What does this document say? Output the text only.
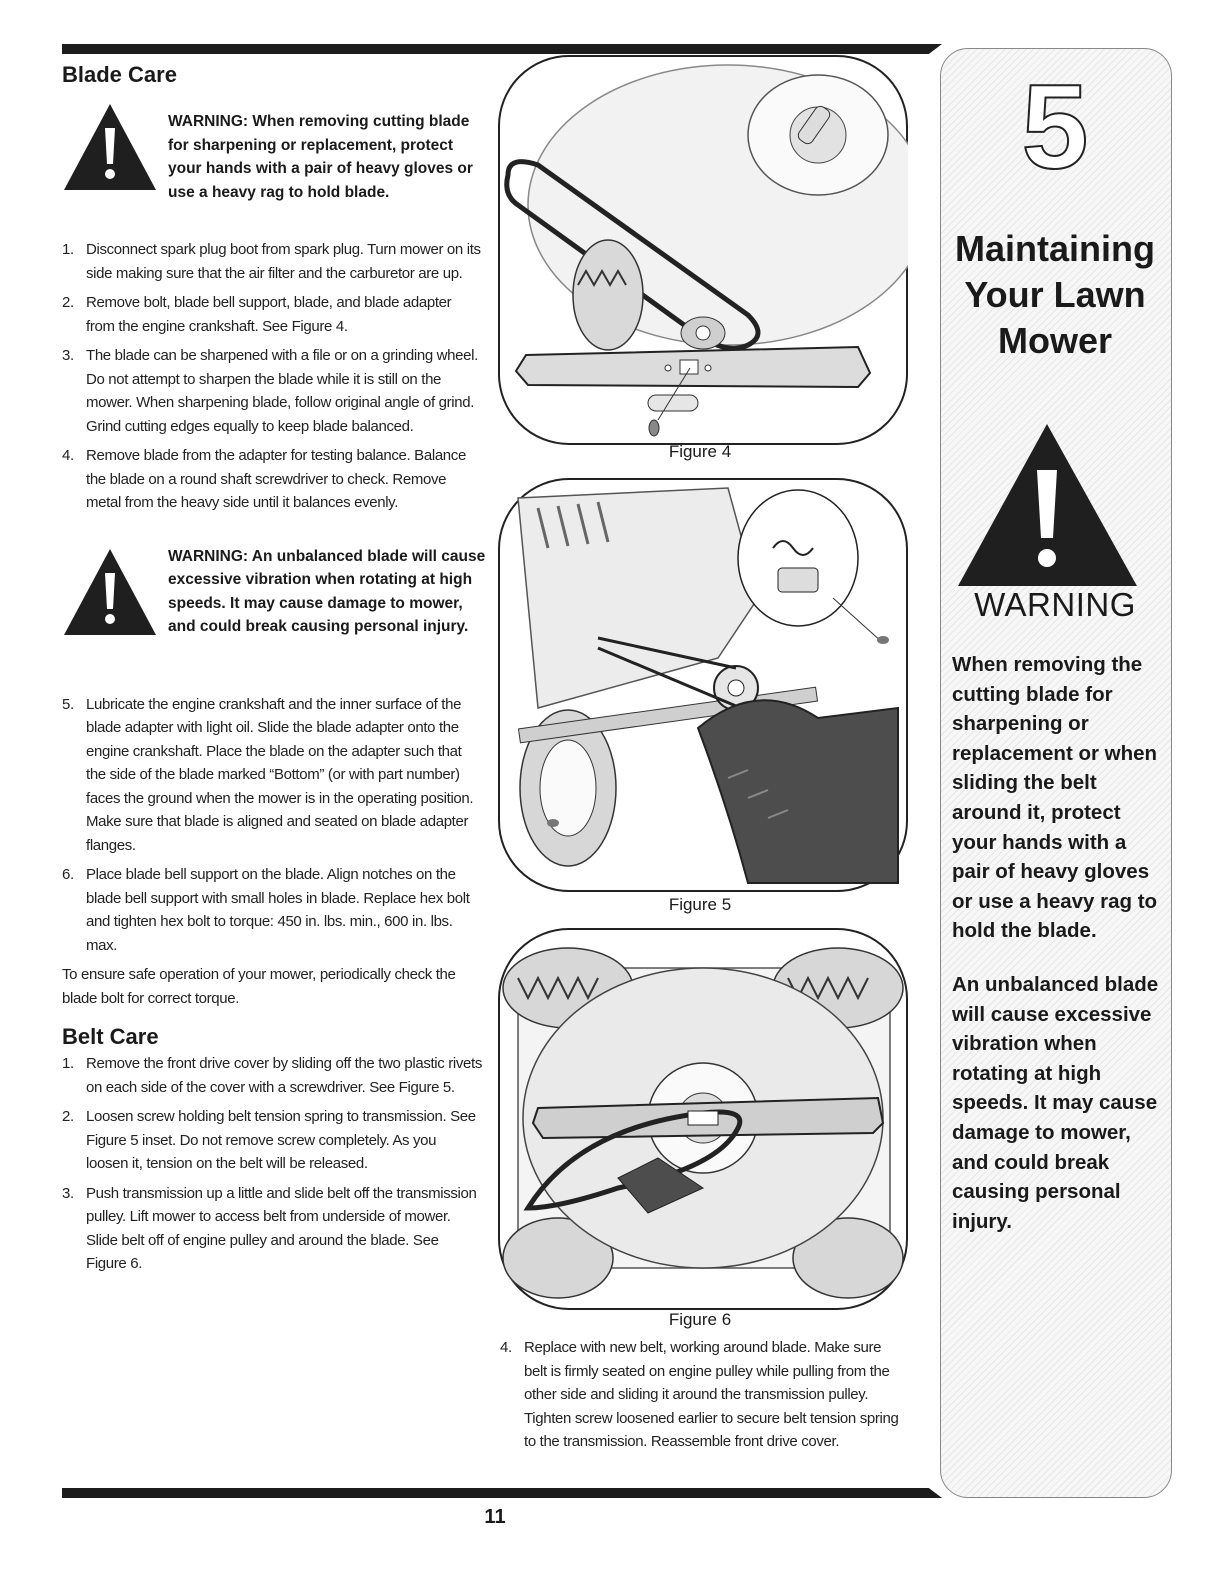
Blade Care
WARNING: When removing cutting blade for sharpening or replacement, protect your hands with a pair of heavy gloves or use a heavy rag to hold blade.
1. Disconnect spark plug boot from spark plug. Turn mower on its side making sure that the air filter and the carburetor are up.
2. Remove bolt, blade bell support, blade, and blade adapter from the engine crankshaft. See Figure 4.
3. The blade can be sharpened with a file or on a grinding wheel. Do not attempt to sharpen the blade while it is still on the mower. When sharpening blade, follow original angle of grind. Grind cutting edges equally to keep blade balanced.
4. Remove blade from the adapter for testing balance. Balance the blade on a round shaft screwdriver to check. Remove metal from the heavy side until it balances evenly.
WARNING: An unbalanced blade will cause excessive vibration when rotating at high speeds. It may cause damage to mower, and could break causing personal injury.
5. Lubricate the engine crankshaft and the inner surface of the blade adapter with light oil. Slide the blade adapter onto the engine crankshaft. Place the blade on the adapter such that the side of the blade marked “Bottom” (or with part number) faces the ground when the mower is in the operating position. Make sure that blade is aligned and seated on blade adapter flanges.
6. Place blade bell support on the blade. Align notches on the blade bell support with small holes in blade. Replace hex bolt and tighten hex bolt to torque: 450 in. lbs. min., 600 in. lbs. max.

To ensure safe operation of your mower, periodically check the blade bolt for correct torque.

Belt Care
1. Remove the front drive cover by sliding off the two plastic rivets on each side of the cover with a screwdriver. See Figure 5.
2. Loosen screw holding belt tension spring to transmission. See Figure 5 inset. Do not remove screw completely. As you loosen it, tension on the belt will be released.
3. Push transmission up a little and slide belt off the transmission pulley. Lift mower to access belt from underside of mower. Slide belt off of engine pulley and around the blade. See Figure 6.
Figure 4
Figure 5
Figure 6
4. Replace with new belt, working around blade. Make sure belt is firmly seated on engine pulley while pulling from the other side and sliding it around the transmission pulley. Tighten screw loosened earlier to secure belt tension spring to the transmission. Reassemble front drive cover.
5
Maintaining Your Lawn Mower
WARNING
When removing the cutting blade for sharpening or replacement or when sliding the belt around it, protect your hands with a pair of heavy gloves or use a heavy rag to hold the blade.
An unbalanced blade will cause excessive vibration when rotating at high speeds. It may cause damage to mower, and could break causing personal injury.
11
